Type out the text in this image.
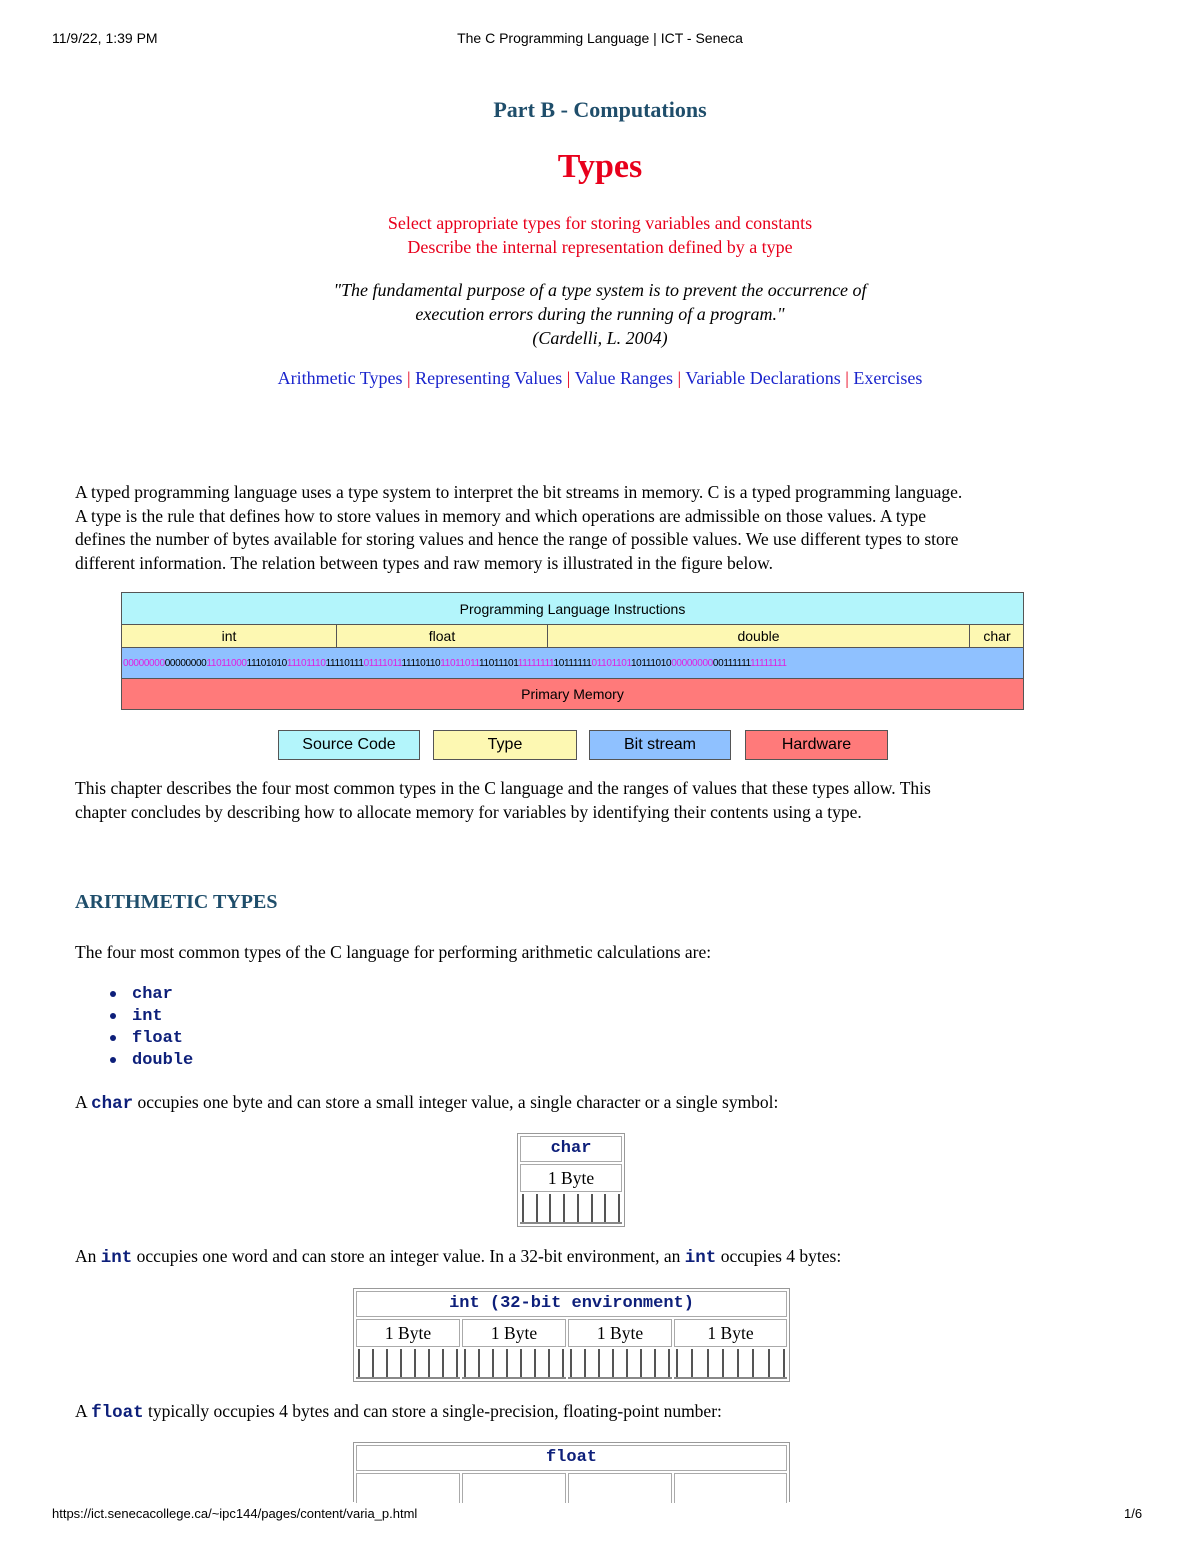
11/9/22, 1:39 PM	The C Programming Language | ICT - Seneca
Part B - Computations
Types
Select appropriate types for storing variables and constants
Describe the internal representation defined by a type
"The fundamental purpose of a type system is to prevent the occurrence of
execution errors during the running of a program."
(Cardelli, L. 2004)
Arithmetic Types | Representing Values | Value Ranges | Variable Declarations | Exercises
A typed programming language uses a type system to interpret the bit streams in memory. C is a typed programming language.
A type is the rule that defines how to store values in memory and which operations are admissible on those values. A type
defines the number of bytes available for storing values and hence the range of possible values. We use different types to store
different information. The relation between types and raw memory is illustrated in the figure below.
Programming Language Instructions
int	float	double	char
0000000000000000110110001110101011101110111101110111101111110110110110111101110111111111101111110110110110111010000000000011111111111111
Primary Memory
Source Code	Type	Bit stream	Hardware
This chapter describes the four most common types in the C language and the ranges of values that these types allow. This
chapter concludes by describing how to allocate memory for variables by identifying their contents using a type.
ARITHMETIC TYPES
The four most common types of the C language for performing arithmetic calculations are:
char
int
float
double
A char occupies one byte and can store a small integer value, a single character or a single symbol:
char
1 Byte
An int occupies one word and can store an integer value. In a 32-bit environment, an int occupies 4 bytes:
int (32-bit environment)
1 Byte	1 Byte	1 Byte	1 Byte
A float typically occupies 4 bytes and can store a single-precision, floating-point number:
float
https://ict.senecacollege.ca/~ipc144/pages/content/varia_p.html	1/6
